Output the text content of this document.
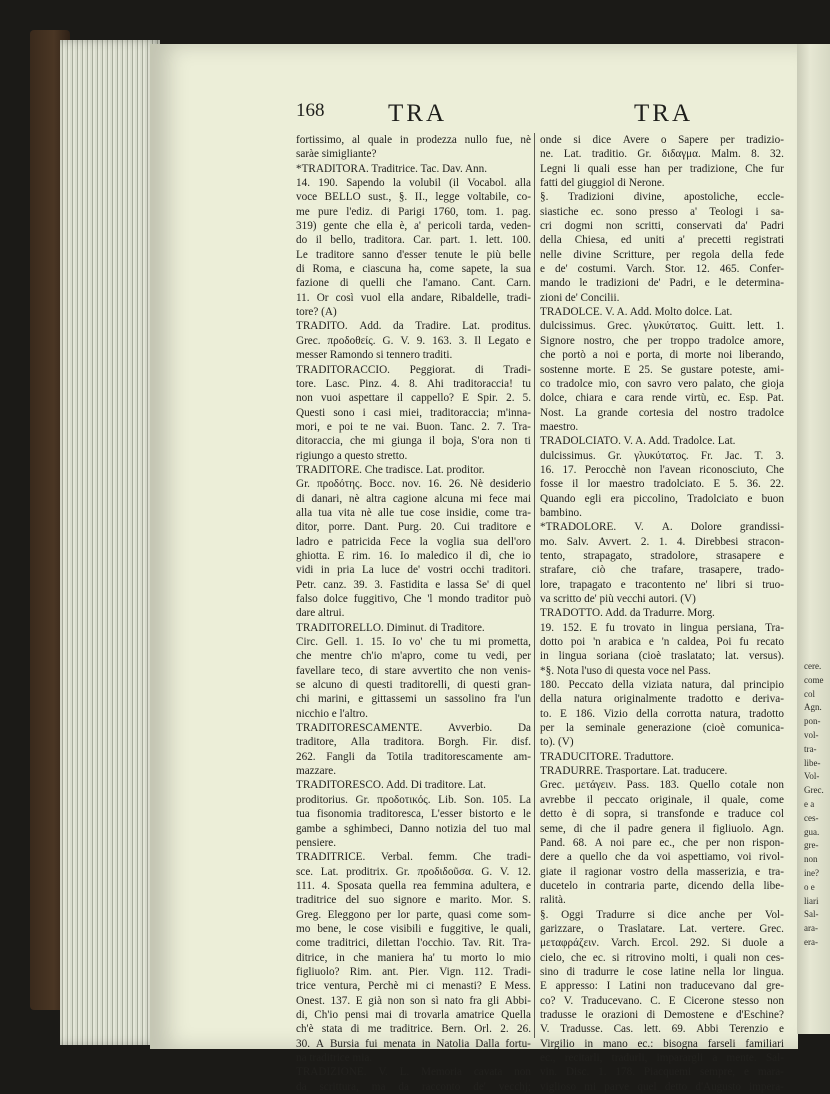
cere.
come
col
Agn.
pon-
vol-
tra-
libe-
Vol-
Grec.
e a
ces-
gua.
gre-
non
ine?
o e
liari
Sal-
ara-
era-
168	TRA	TRA
fortissimo, al quale in prodezza nullo fue, nè
saràe simigliante?
*TRADITORA. Traditrice. Tac. Dav. Ann.
14. 190. Sapendo la volubil (il Vocabol. alla
voce BELLO sust., §. II., legge voltabile, co-
me pure l'ediz. di Parigi 1760, tom. 1. pag.
319) gente che ella è, a' pericoli tarda, veden-
do il bello, traditora. Car. part. 1. lett. 100.
Le traditore sanno d'esser tenute le più belle
di Roma, e ciascuna ha, come sapete, la sua
fazione di quelli che l'amano. Cant. Carn.
11. Or così vuol ella andare, Ribaldelle, tradi-
tore? (A)
TRADITO. Add. da Tradire. Lat. proditus.
Grec. προδοθείς. G. V. 9. 163. 3. Il Legato e
messer Ramondo si tennero traditi.
TRADITORACCIO. Peggiorat. di Tradi-
tore. Lasc. Pinz. 4. 8. Ahi traditoraccia! tu
non vuoi aspettare il cappello? E Spir. 2. 5.
Questi sono i casi miei, traditoraccia; m'inna-
mori, e poi te ne vai. Buon. Tanc. 2. 7. Tra-
ditoraccia, che mi giunga il boja, S'ora non ti
rigiungo a questo stretto.
TRADITORE. Che tradisce. Lat. proditor.
Gr. προδότης. Bocc. nov. 16. 26. Nè desiderio
di danari, nè altra cagione alcuna mi fece mai
alla tua vita nè alle tue cose insidie, come tra-
ditor, porre. Dant. Purg. 20. Cui traditore e
ladro e patricida Fece la voglia sua dell'oro
ghiotta. E rim. 16. Io maledico il dì, che io
vidi in pria La luce de' vostri occhi traditori.
Petr. canz. 39. 3. Fastidita e lassa Se' di quel
falso dolce fuggitivo, Che 'l mondo traditor può
dare altrui.
TRADITORELLO. Diminut. di Traditore.
Circ. Gell. 1. 15. Io vo' che tu mi prometta,
che mentre ch'io m'apro, come tu vedi, per
favellare teco, di stare avvertito che non venis-
se alcuno di questi traditorelli, di questi gran-
chi marini, e gittassemi un sassolino fra l'un
nicchio e l'altro.
TRADITORESCAMENTE. Avverbio. Da
traditore, Alla traditora. Borgh. Fir. disf.
262. Fangli da Totila traditorescamente am-
mazzare.
TRADITORESCO. Add. Di traditore. Lat.
proditorius. Gr. προδοτικός. Lib. Son. 105. La
tua fisonomia traditoresca, L'esser bistorto e le
gambe a sghimbeci, Danno notizia del tuo mal
pensiere.
TRADITRICE. Verbal. femm. Che tradi-
sce. Lat. proditrix. Gr. προδιδοῦσα. G. V. 12.
111. 4. Sposata quella rea femmina adultera, e
traditrice del suo signore e marito. Mor. S.
Greg. Eleggono per lor parte, quasi come som-
mo bene, le cose visibili e fuggitive, le quali,
come traditrici, dilettan l'occhio. Tav. Rit. Tra-
ditrice, in che maniera ha' tu morto lo mio
figliuolo? Rim. ant. Pier. Vign. 112. Tradi-
trice ventura, Perchè mi ci menasti? E Mess.
Onest. 137. E già non son sì nato fra gli Abbi-
di, Ch'io pensi mai di trovarla amatrice Quella
ch'è stata di me traditrice. Bern. Orl. 2. 26.
30. A Bursia fui menata in Natolia Dalla fortu-
na traditrice mia.
TRADIZIONE. V. L. Memoria cavata non
da scrittura, ma da racconto de' vecchj;
onde si dice Avere o Sapere per tradizio-
ne. Lat. traditio. Gr. διδαγμα. Malm. 8. 32.
Legni li quali esse han per tradizione, Che fur
fatti del giuggiol di Nerone.
§. Tradizioni divine, apostoliche, eccle-
siastiche ec. sono presso a' Teologi i sa-
cri dogmi non scritti, conservati da' Padri
della Chiesa, ed uniti a' precetti registrati
nelle divine Scritture, per regola della fede
e de' costumi. Varch. Stor. 12. 465. Confer-
mando le tradizioni de' Padri, e le determina-
zioni de' Concilii.
TRADOLCE. V. A. Add. Molto dolce. Lat.
dulcissimus. Grec. γλυκύτατος. Guitt. lett. 1.
Signore nostro, che per troppo tradolce amore,
che portò a noi e porta, di morte noi liberando,
sostenne morte. E 25. Se gustare poteste, ami-
co tradolce mio, con savro vero palato, che gioja
dolce, chiara e cara rende virtù, ec. Esp. Pat.
Nost. La grande cortesia del nostro tradolce
maestro.
TRADOLCIATO. V. A. Add. Tradolce. Lat.
dulcissimus. Gr. γλυκύτατος. Fr. Jac. T. 3.
16. 17. Perocchè non l'avean riconosciuto, Che
fosse il lor maestro tradolciato. E 5. 36. 22.
Quando egli era piccolino, Tradolciato e buon
bambino.
*TRADOLORE. V. A. Dolore grandissi-
mo. Salv. Avvert. 2. 1. 4. Direbbesi stracon-
tento, strapagato, stradolore, strasapere e
strafare, ciò che trafare, trasapere, trado-
lore, trapagato e tracontento ne' libri si truo-
va scritto de' più vecchi autori. (V)
TRADOTTO. Add. da Tradurre. Morg.
19. 152. E fu trovato in lingua persiana, Tra-
dotto poi 'n arabica e 'n caldea, Poi fu recato
in lingua soriana (cioè traslatato; lat. versus).
*§. Nota l'uso di questa voce nel Pass.
180. Peccato della viziata natura, dal principio
della natura originalmente tradotto e deriva-
to. E 186. Vizio della corrotta natura, tradotto
per la seminale generazione (cioè comunica-
to). (V)
TRADUCITORE. Traduttore.
TRADURRE. Trasportare. Lat. traducere.
Grec. μετάγειν. Pass. 183. Quello cotale non
avrebbe il peccato originale, il quale, come
detto è di sopra, si transfonde e traduce col
seme, di che il padre genera il figliuolo. Agn.
Pand. 68. A noi pare ec., che per non rispon-
dere a quello che da voi aspettiamo, voi rivol-
giate il ragionar vostro della masserizia, e tra-
ducetelo in contraria parte, dicendo della libe-
ralità.
§. Oggi Tradurre si dice anche per Vol-
garizzare, o Traslatare. Lat. vertere. Grec.
μεταφράζειν. Varch. Ercol. 292. Si duole a
cielo, che ec. si ritrovino molti, i quali non ces-
sino di tradurre le cose latine nella lor lingua.
E appresso: I Latini non traducevano dal gre-
co? V. Traducevano. C. E Cicerone stesso non
tradusse le orazioni di Demostene e d'Eschine?
V. Tradusse. Cas. lett. 69. Abbi Terenzio e
Virgilio in mano ec.: bisogna farseli familiari
ec., recitarli, tradurli, imparargli a mente. Sal-
vin. Disc. 1. 178. Piacquemi sempre, e mara-
viglioso mi parve quel detto d'Augusto impera-
